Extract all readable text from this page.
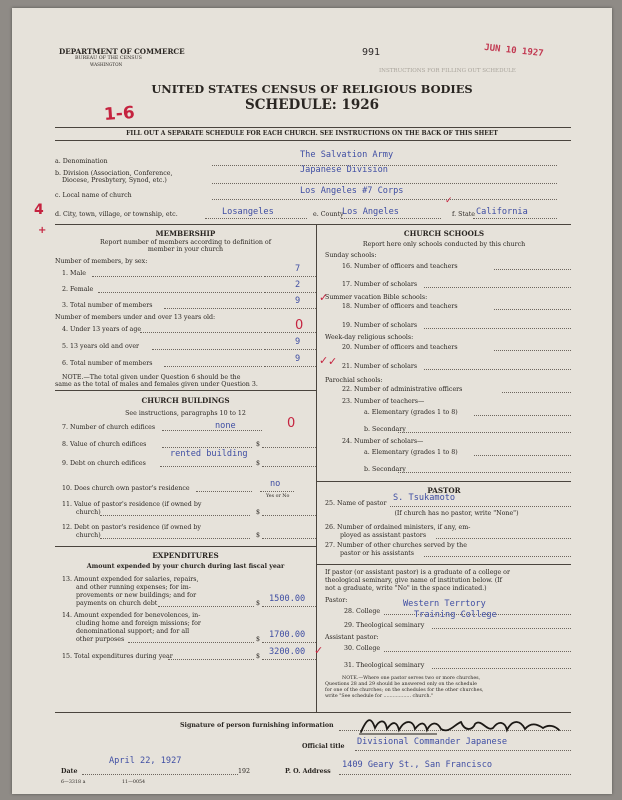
DEPARTMENT OF COMMERCE
BUREAU OF THE CENSUS
WASHINGTON
991	JUN 10 1927
INSTRUCTIONS FOR FILLING OUT SCHEDULE
UNITED STATES CENSUS OF RELIGIOUS BODIES
SCHEDULE: 1926
1-6
FILL OUT A SEPARATE SCHEDULE FOR EACH CHURCH. SEE INSTRUCTIONS ON THE BACK OF THIS SHEET
a. Denomination
The Salvation Army
b. Division (Association, Conference,
Diocese, Presbytery, Synod, etc.)
Japanese Division
c. Local name of church	Los Angeles #7 Corps
4
+
d. City, town, village, or township, etc.	Losangeles	e. County
Los Angeles
✓
f. State California
MEMBERSHIP
Report number of members according to definition of
member in your church
Number of members, by sex:
1. Male	7
2. Female	2
3. Total number of members	9 ✓
Number of members under and over 13 years old:
4. Under 13 years of age	0
5. 13 years old and over	9
6. Total number of members	9 ✓
NOTE.—The total given under Question 6 should be the
same as the total of males and females given under Question 3.
CHURCH BUILDINGS
See instructions, paragraphs 10 to 12
7. Number of church edifices	none	0
8. Value of church edifices	$
rented building
9. Debt on church edifices	$
10. Does church own pastor's residence	no
Yes or No
11. Value of pastor's residence (if owned by
church)	$
12. Debt on pastor's residence (if owned by
church)	$
EXPENDITURES
Amount expended by your church during last fiscal year
13. Amount expended for salaries, repairs,
and other running expenses; for im-
provements or new buildings; and for
payments on church debt	$ 1500.00
14. Amount expended for benevolences, in-
cluding home and foreign missions; for
denominational support; and for all
other purposes	$ 1700.00
15. Total expenditures during year	$ 3200.00 ✓
CHURCH SCHOOLS
Report here only schools conducted by this church
Sunday schools:
16. Number of officers and teachers
17. Number of scholars
Summer vacation Bible schools:
18. Number of officers and teachers
19. Number of scholars
Week-day religious schools:
20. Number of officers and teachers
21. Number of scholars
✓
Parochial schools:
22. Number of administrative officers
23. Number of teachers—
a. Elementary (grades 1 to 8)
b. Secondary
24. Number of scholars—
a. Elementary (grades 1 to 8)
b. Secondary
PASTOR
25. Name of pastor
S. Tsukamoto
(If church has no pastor, write "None")
26. Number of ordained ministers, if any, em-
ployed as assistant pastors
27. Number of other churches served by the
pastor or his assistants
If pastor (or assistant pastor) is a graduate of a college or
theological seminary, give name of institution below. (If
not a graduate, write "No" in the space indicated.)
Pastor:
28. College
Western Terrtory
Training College
29. Theological seminary
Assistant pastor:
30. College
31. Theological seminary
NOTE.—Where one pastor serves two or more churches,
Questions 28 and 29 should be answered only on the schedule
for one of the churches; on the schedules for the other churches,
write "See schedule for .................. church."
Signature of person furnishing information
Official title Divisional Commander Japanese
Date
April 22, 1927
192	P. O. Address
1409 Geary St., San Francisco
6—3318 a	11—0054
